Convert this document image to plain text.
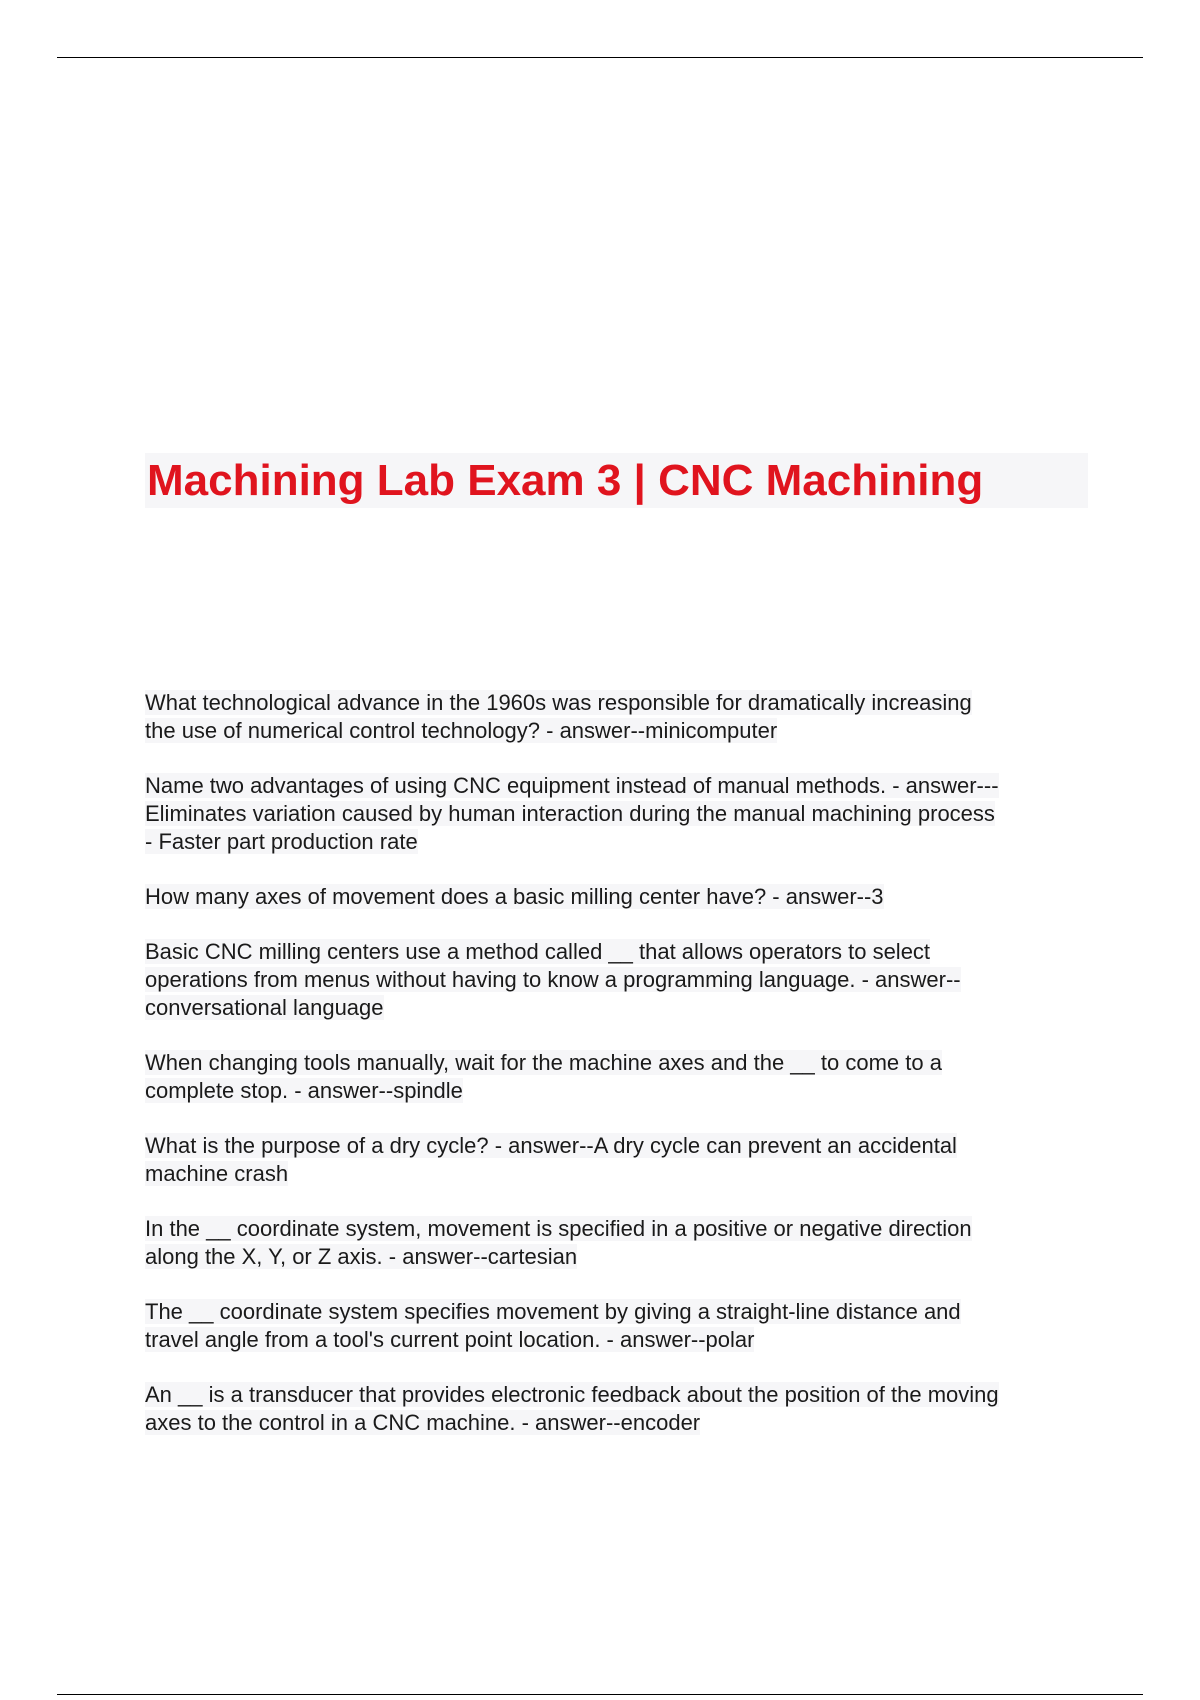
Machining Lab Exam 3 | CNC Machining
What technological advance in the 1960s was responsible for dramatically increasing
the use of numerical control technology? - answer--minicomputer
Name two advantages of using CNC equipment instead of manual methods. - answer---
Eliminates variation caused by human interaction during the manual machining process
- Faster part production rate
How many axes of movement does a basic milling center have? - answer--3
Basic CNC milling centers use a method called __ that allows operators to select
operations from menus without having to know a programming language. - answer--
conversational language
When changing tools manually, wait for the machine axes and the __ to come to a
complete stop. - answer--spindle
What is the purpose of a dry cycle? - answer--A dry cycle can prevent an accidental
machine crash
In the __ coordinate system, movement is specified in a positive or negative direction
along the X, Y, or Z axis. - answer--cartesian
The __ coordinate system specifies movement by giving a straight-line distance and
travel angle from a tool's current point location. - answer--polar
An __ is a transducer that provides electronic feedback about the position of the moving
axes to the control in a CNC machine. - answer--encoder
